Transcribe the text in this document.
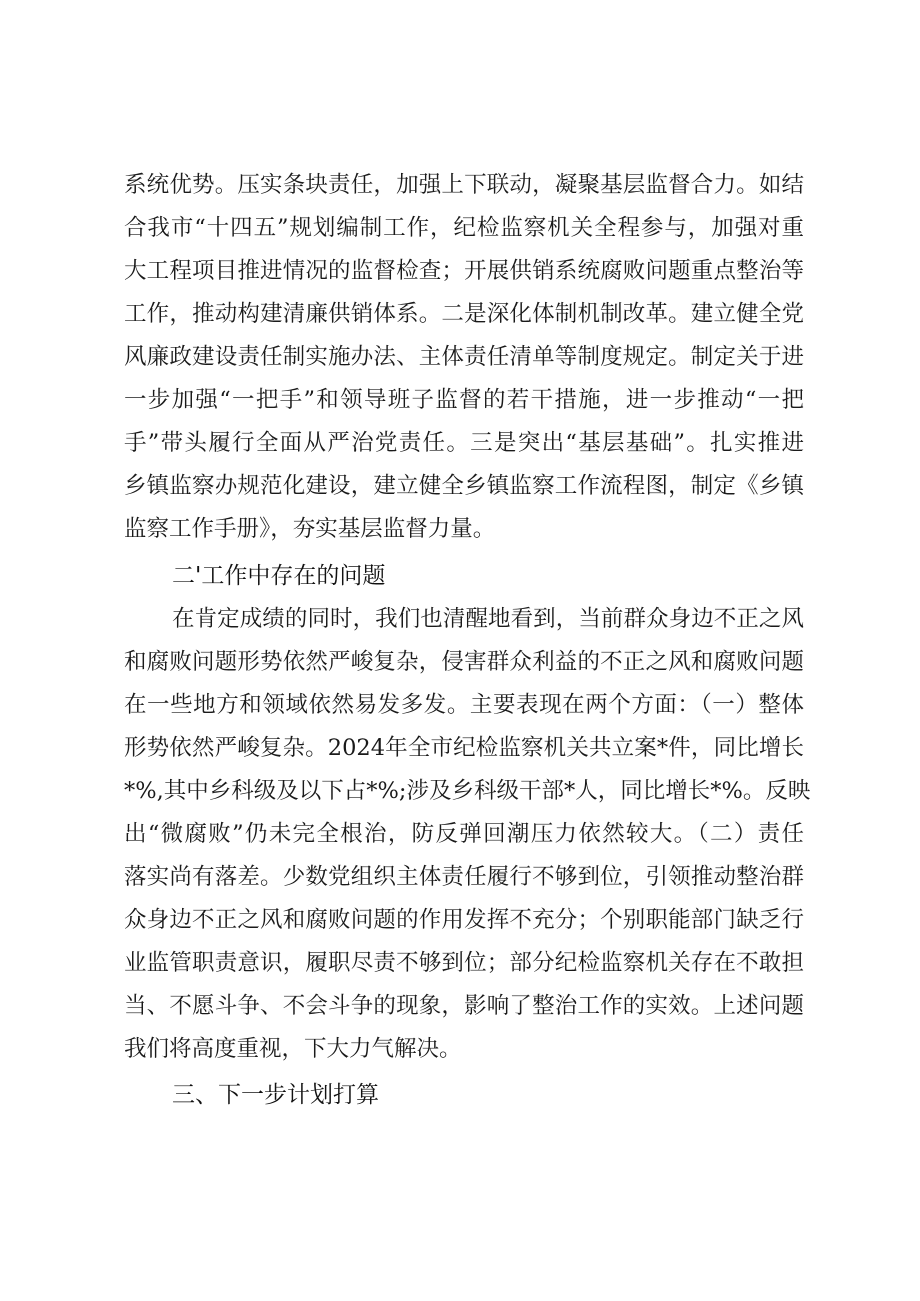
系统优势。压实条块责任，加强上下联动，凝聚基层监督合力。如结
合我市“十四五”规划编制工作，纪检监察机关全程参与，加强对重
大工程项目推进情况的监督检查；开展供销系统腐败问题重点整治等
工作，推动构建清廉供销体系。二是深化体制机制改革。建立健全党
风廉政建设责任制实施办法、主体责任清单等制度规定。制定关于进
一步加强“一把手”和领导班子监督的若干措施，进一步推动“一把
手”带头履行全面从严治党责任。三是突出“基层基础”。扎实推进
乡镇监察办规范化建设，建立健全乡镇监察工作流程图，制定《乡镇
监察工作手册》，夯实基层监督力量。
二'工作中存在的问题
在肯定成绩的同时，我们也清醒地看到，当前群众身边不正之风
和腐败问题形势依然严峻复杂，侵害群众利益的不正之风和腐败问题
在一些地方和领域依然易发多发。主要表现在两个方面：（一）整体
形势依然严峻复杂。2024年全市纪检监察机关共立案*件，同比增长
*%,其中乡科级及以下占*%;涉及乡科级干部*人，同比增长*%。反映
出“微腐败”仍未完全根治，防反弹回潮压力依然较大。（二）责任
落实尚有落差。少数党组织主体责任履行不够到位，引领推动整治群
众身边不正之风和腐败问题的作用发挥不充分；个别职能部门缺乏行
业监管职责意识，履职尽责不够到位；部分纪检监察机关存在不敢担
当、不愿斗争、不会斗争的现象，影响了整治工作的实效。上述问题
我们将高度重视，下大力气解决。
三、下一步计划打算
